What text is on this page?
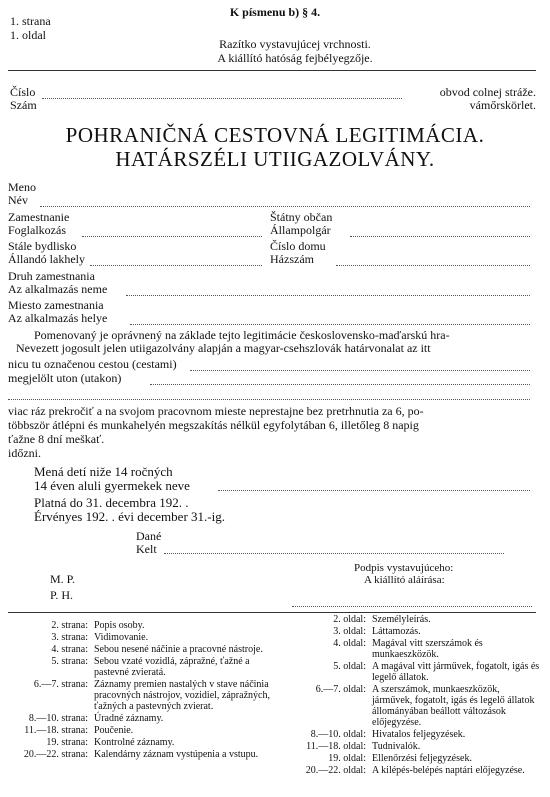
1. strana
1. oldal
K písmenu b) § 4.
Razítko vystavujúcej vrchnosti.
A kiállító hatóság fejbélyegzője.
Číslo
Szám
obvod colnej stráže.
vámőrskörlet.
POHRANIČNÁ CESTOVNÁ LEGITIMÁCIA.
HATÁRSZÉLI UTIIGAZOLVÁNY.
Meno
Név
Zamestnanie
Foglalkozás
Stále bydlisko
Állandó lakhely
Druh zamestnania
Az alkalmazás neme
Miesto zamestnania
Az alkalmazás helye
Štátny občan
Állampolgár
Číslo domu
Házszám
Pomenovaný je oprávnený na základe tejto legitimácie československo-maďarskú hra-
Nevezett jogosult jelen utiigazolvány alapján a magyar-csehszlovák határvonalat az itt
nicu tu označenou cestou (cestami)
megjelölt uton (utakon)
viac ráz prekročiť a na svojom pracovnom mieste neprestajne bez pretrhnutia za 6, po-
többször átlépni és munkahelyén megszakítás nélkül egyfolytában 6, illetőleg 8 napig
ťažne 8 dní meškať.
időzni.
Mená detí nižе 14 ročných
14 éven aluli gyermekek neve
Platná do 31. decembra 192. .
Érvényes 192. . évi december 31.-ig.
Dané
Kelt
Podpis vystavujúceho:
A kiállító aláírása:
M. P.
P. H.
2. strana: Popis osoby.
3. strana: Vidimovanie.
4. strana: Sebou nesené náčinie a pracovné nástroje.
5. strana: Sebou vzaté vozidlá, zápražné, ťažné a pastevné zvieratá.
6.—7. strana: Záznamy premien nastalých v stave náčinia pracovných nástrojov, vozidiel, zápražných, ťažných a pastevných zvierat.
8.—10. strana: Úradné záznamy.
11.—18. strana: Poučenie.
19. strana: Kontrolné záznamy.
20.—22. strana: Kalendárny záznam vystúpenia a vstupu.
2. oldal: Személyleírás.
3. oldal: Láttamozás.
4. oldal: Magával vitt szerszámok és munkaeszközök.
5. oldal: A magával vitt járművek, fogatolt, igás és legelő állatok.
6.—7. oldal: A szerszámok, munkaeszközök, járművek, fogatolt, igás és legelő állatok állományában beállott változások előjegyzése.
8.—10. oldal: Hivatalos feljegyzések.
11.—18. oldal: Tudnivalók.
19. oldal: Ellenőrzési feljegyzések.
20.—22. oldal: A kilépés-belépés naptári előjegyzése.
